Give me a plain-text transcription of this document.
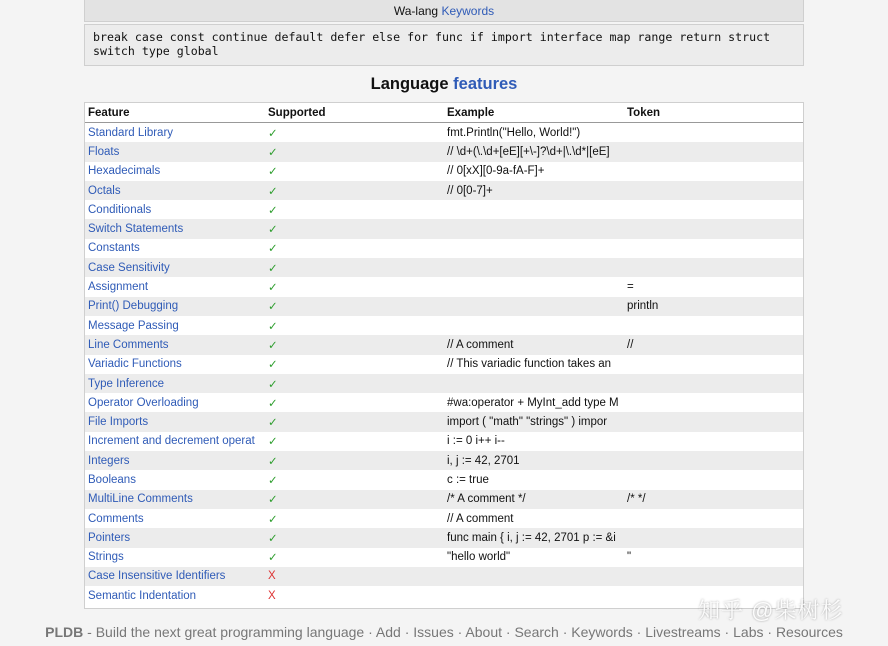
Wa-lang Keywords
break case const continue default defer else for func if import interface map range return struct switch type global
Language features
Feature	Supported	Example	Token
Standard Library	✓	fmt.Println("Hello, World!")	
Floats	✓	// \d+(\.\d+[eE][+\-]?\d+|\.\d*|[eE]	
Hexadecimals	✓	// 0[xX][0-9a-fA-F]+	
Octals	✓	// 0[0-7]+	
Conditionals	✓		
Switch Statements	✓		
Constants	✓		
Case Sensitivity	✓		
Assignment	✓		=
Print() Debugging	✓		println
Message Passing	✓		
Line Comments	✓	// A comment	//
Variadic Functions	✓	// This variadic function takes an	
Type Inference	✓		
Operator Overloading	✓	#wa:operator + MyInt_add type M	
File Imports	✓	import ( "math" "strings" ) impor	
Increment and decrement operat	✓	i := 0 i++ i--	
Integers	✓	i, j := 42, 2701	
Booleans	✓	c := true	
MultiLine Comments	✓	/* A comment */	/* */
Comments	✓	// A comment	
Pointers	✓	func main { i, j := 42, 2701 p := &i	
Strings	✓	"hello world"	"
Case Insensitive Identifiers	X		
Semantic Indentation	X		
PLDB - Build the next great programming language · Add · Issues · About · Search · Keywords · Livestreams · Labs · Resources
知乎 @柴树杉
